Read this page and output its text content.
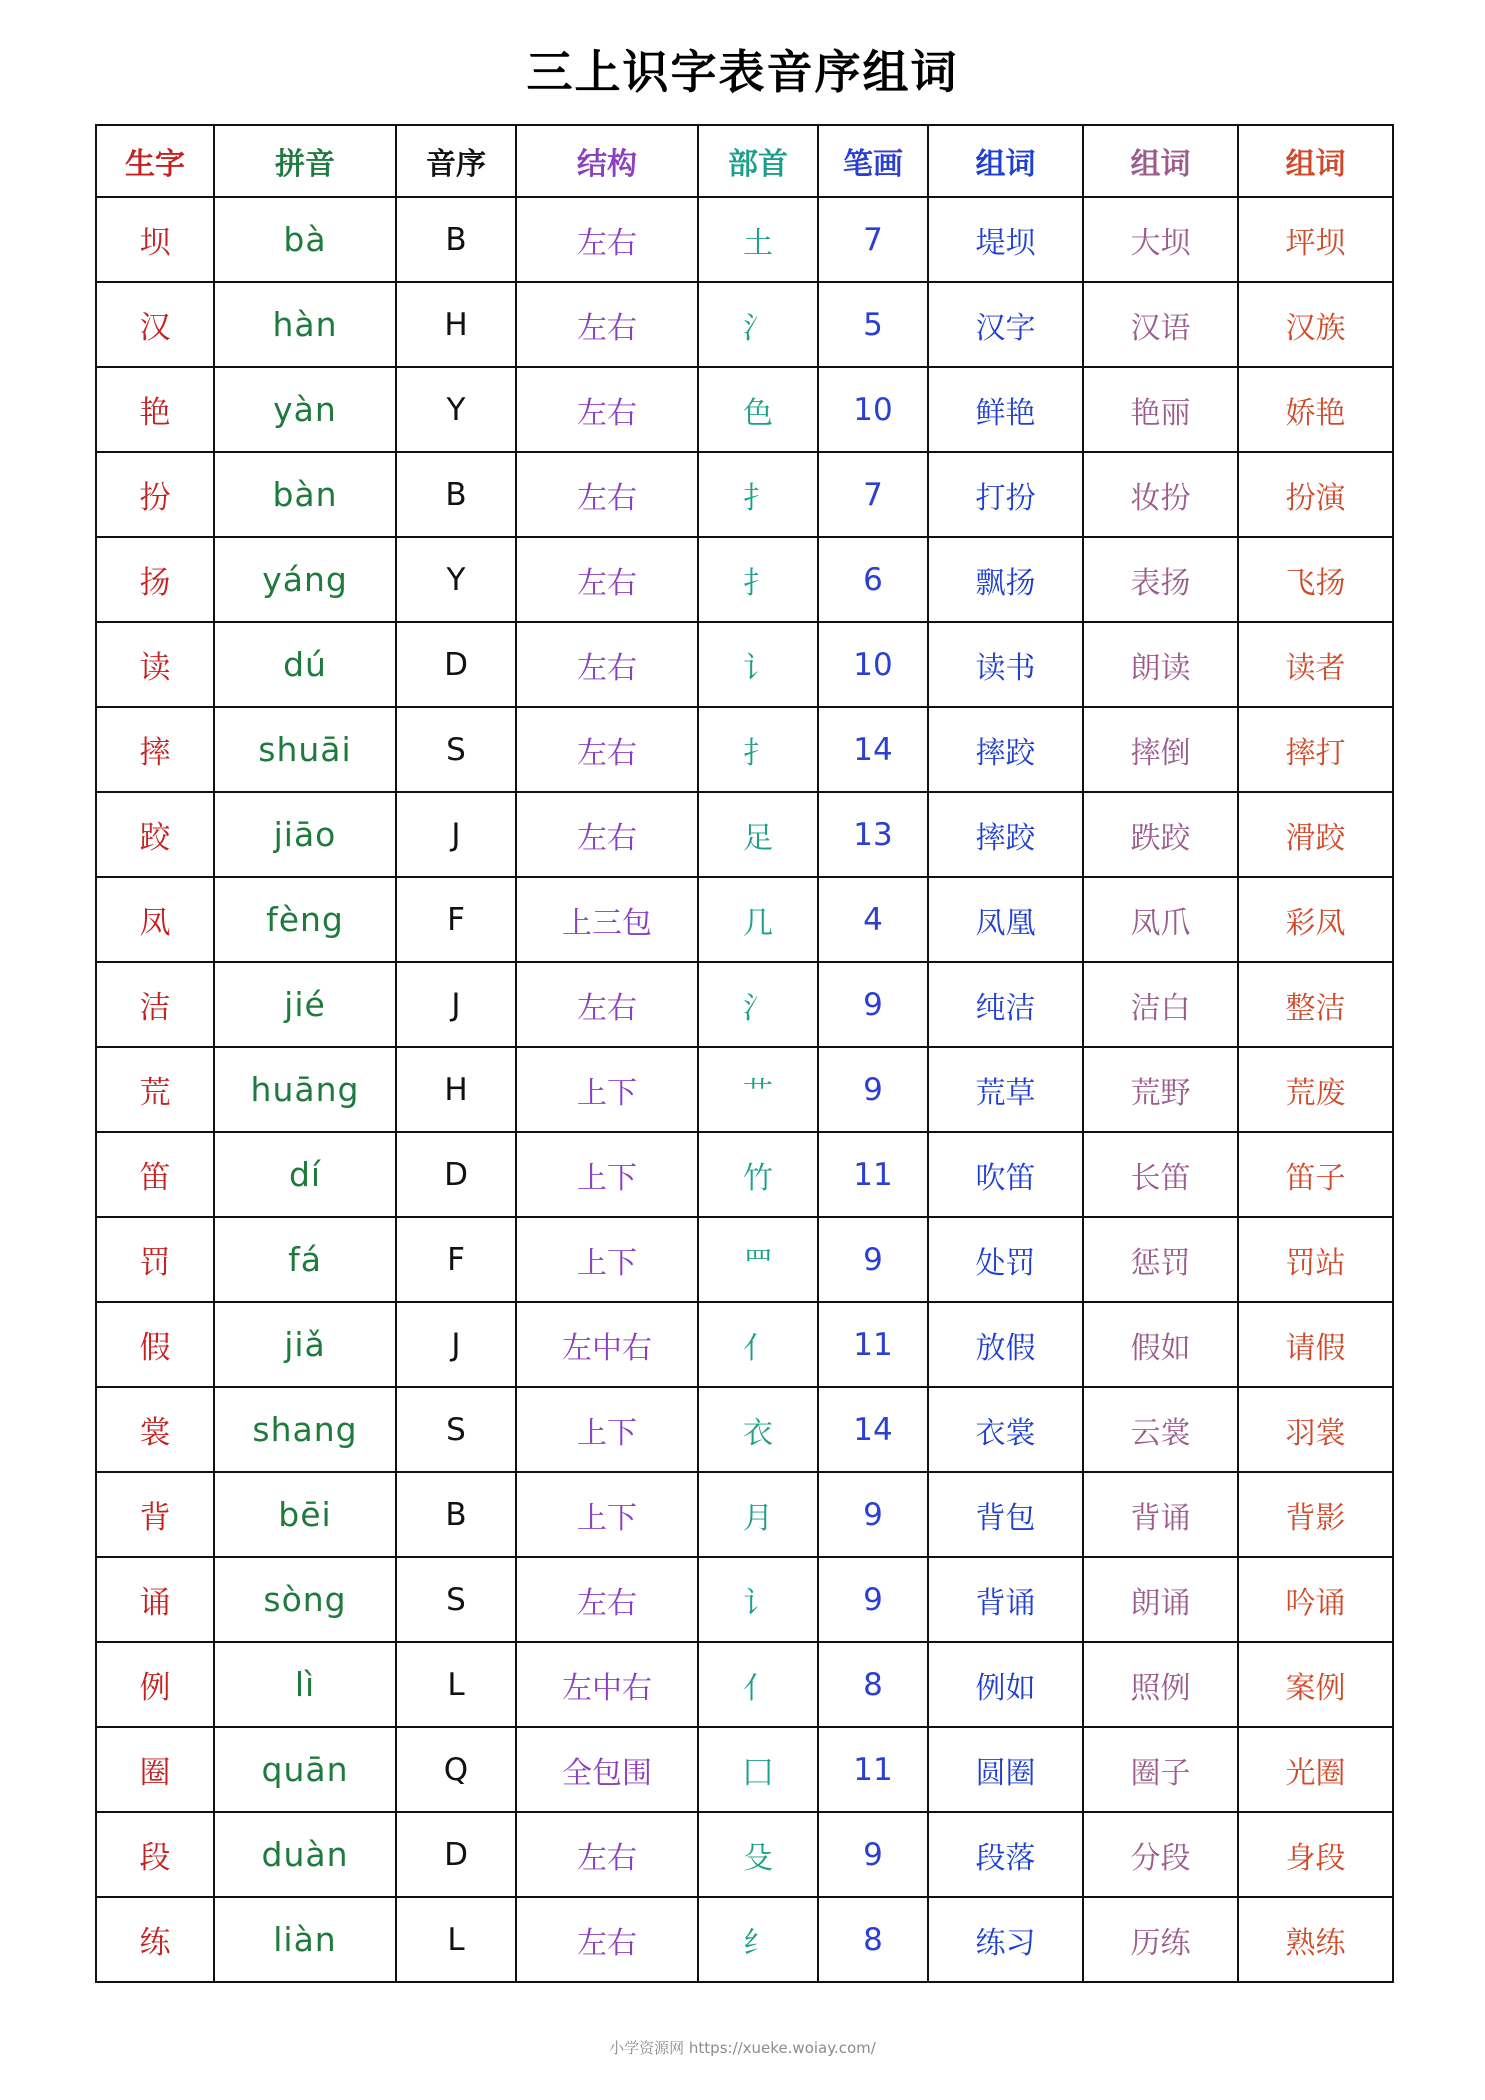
三上识字表音序组词
生字	拼音	音序	结构	部首	笔画	组词	组词	组词
坝	bà	B	左右	土	7	堤坝	大坝	坪坝
汉	hàn	H	左右	氵	5	汉字	汉语	汉族
艳	yàn	Y	左右	色	10	鲜艳	艳丽	娇艳
扮	bàn	B	左右	扌	7	打扮	妆扮	扮演
扬	yáng	Y	左右	扌	6	飘扬	表扬	飞扬
读	dú	D	左右	讠	10	读书	朗读	读者
摔	shuāi	S	左右	扌	14	摔跤	摔倒	摔打
跤	jiāo	J	左右	足	13	摔跤	跌跤	滑跤
凤	fèng	F	上三包	几	4	凤凰	凤爪	彩凤
洁	jié	J	左右	氵	9	纯洁	洁白	整洁
荒	huāng	H	上下	艹	9	荒草	荒野	荒废
笛	dí	D	上下	竹	11	吹笛	长笛	笛子
罚	fá	F	上下	罒	9	处罚	惩罚	罚站
假	jiǎ	J	左中右	亻	11	放假	假如	请假
裳	shang	S	上下	衣	14	衣裳	云裳	羽裳
背	bēi	B	上下	月	9	背包	背诵	背影
诵	sòng	S	左右	讠	9	背诵	朗诵	吟诵
例	lì	L	左中右	亻	8	例如	照例	案例
圈	quān	Q	全包围	囗	11	圆圈	圈子	光圈
段	duàn	D	左右	殳	9	段落	分段	身段
练	liàn	L	左右	纟	8	练习	历练	熟练
小学资源网 https://xueke.woiay.com/
